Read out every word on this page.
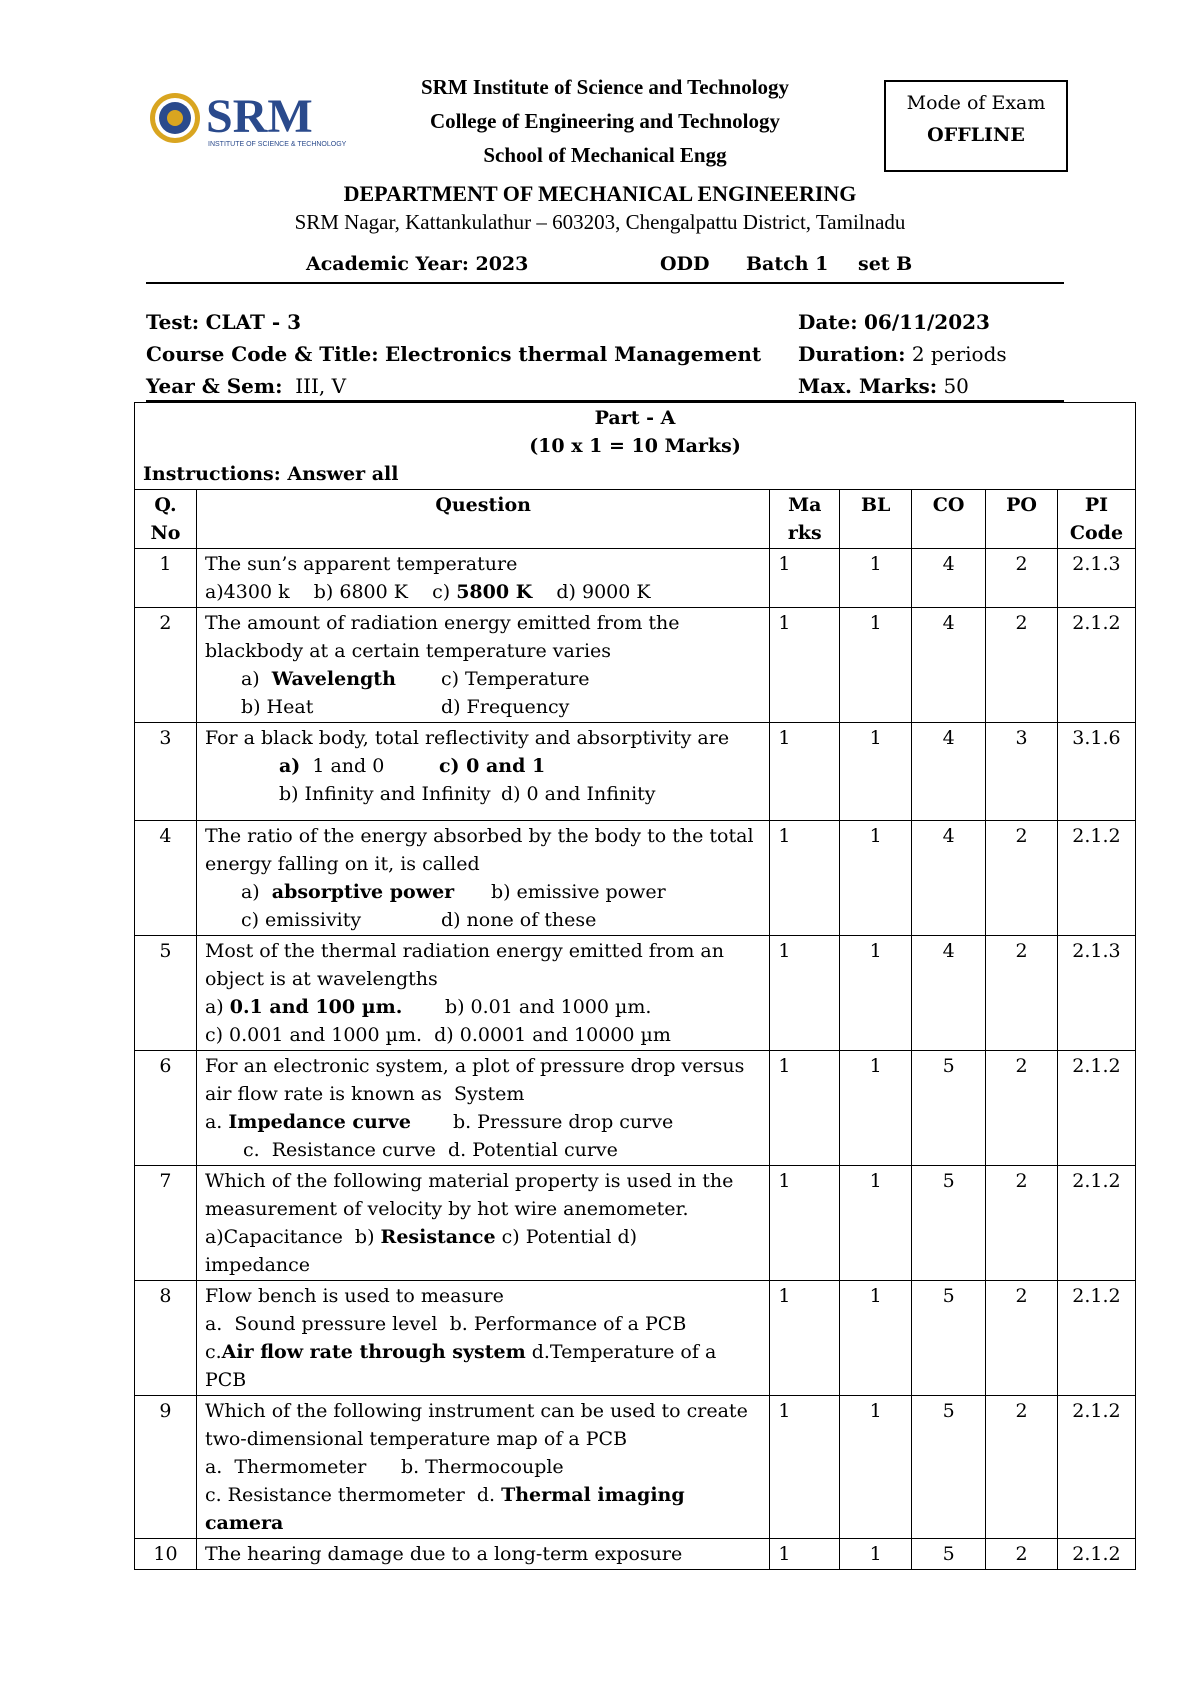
SRM
INSTITUTE OF SCIENCE & TECHNOLOGY
SRM Institute of Science and Technology
College of Engineering and Technology
School of Mechanical Engg
Mode of Exam
OFFLINE
DEPARTMENT OF MECHANICAL ENGINEERING
SRM Nagar, Kattankulathur – 603203, Chengalpattu District, Tamilnadu
Academic Year: 2023	ODD Batch 1 set B
Test: CLAT - 3
Course Code & Title: Electronics thermal Management
Year & Sem: III, V
Date: 06/11/2023
Duration: 2 periods
Max. Marks: 50
Part - A
(10 x 1 = 10 Marks)
Instructions: Answer all						

Q. No	Question	Ma rks	BL	CO	PO	PI Code
1	The sun’s apparent temperature
a)4300 k    b) 6800 K    c) 5800 K    d) 9000 K	1	1	4	2	2.1.3
2	The amount of radiation energy emitted from the blackbody at a certain temperature varies
a)  Wavelength c) Temperature
b) Heat d) Frequency	1	1	4	2	2.1.2
3	For a black body, total reflectivity and absorptivity are
a)  1 and 0 c) 0 and 1
b) Infinity and Infinity d) 0 and Infinity	1	1	4	3	3.1.6
4	The ratio of the energy absorbed by the body to the total energy falling on it, is called
a)  absorptive power b) emissive power
c) emissivity d) none of these	1	1	4	2	2.1.2
5	Most of the thermal radiation energy emitted from an object is at wavelengths
a) 0.1 and 100 µm. b) 0.01 and 1000 µm.
c) 0.001 and 1000 µm. d) 0.0001 and 10000 µm	1	1	4	2	2.1.3
6	For an electronic system, a plot of pressure drop versus air flow rate is known as  System
a. Impedance curve b. Pressure drop curve
c.  Resistance curve d. Potential curve	1	1	5	2	2.1.2
7	Which of the following material property is used in the measurement of velocity by hot wire anemometer.
a)Capacitance  b) Resistance c) Potential d)
impedance	1	1	5	2	2.1.2
8	Flow bench is used to measure
a.  Sound pressure level b. Performance of a PCB
c.Air flow rate through system d.Temperature of a
PCB	1	1	5	2	2.1.2
9	Which of the following instrument can be used to create two-dimensional temperature map of a PCB
a.  Thermometer b. Thermocouple
c. Resistance thermometer  d. Thermal imaging
camera	1	1	5	2	2.1.2
10	The hearing damage due to a long-term exposure	1	1	5	2	2.1.2
